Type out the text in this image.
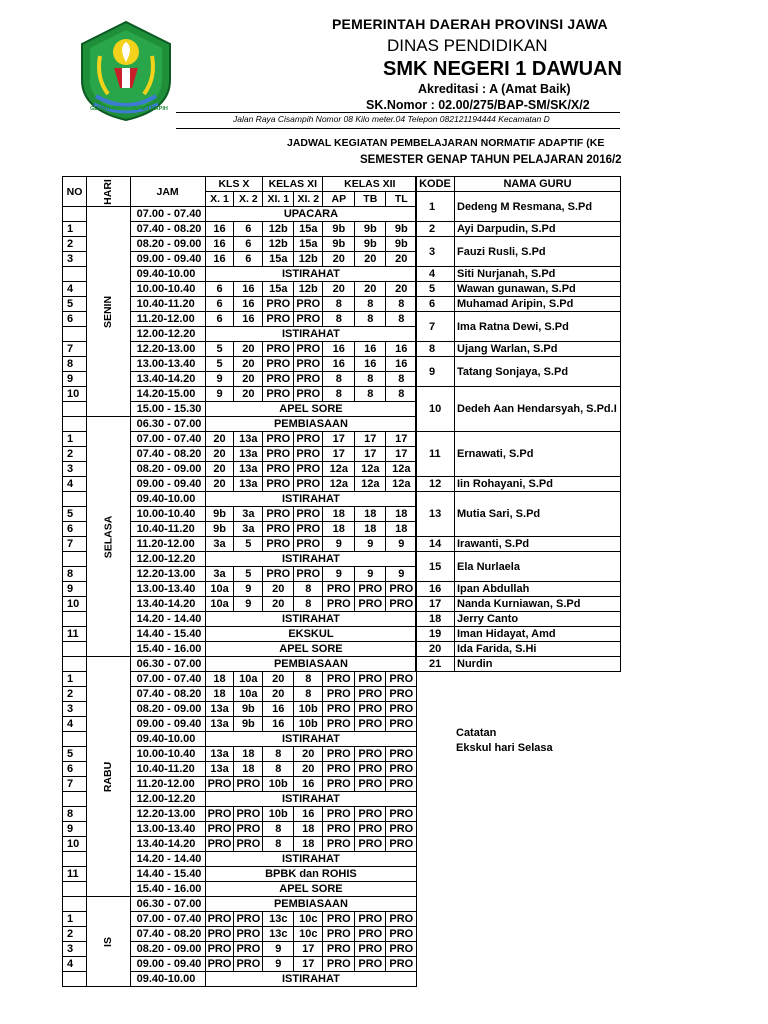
GEMAH RIPAH REPEH RAPIH
PEMERINTAH DAERAH PROVINSI JAWA
DINAS PENDIDIKAN
SMK NEGERI 1 DAWUAN
Akreditasi : A (Amat Baik)
SK.Nomor : 02.00/275/BAP-SM/SK/X/2
Jalan Raya Cisampih Nomor 08 Kilo meter.04 Telepon 082121194444 Kecamatan D
JADWAL KEGIATAN PEMBELAJARAN NORMATIF ADAPTIF (KE
SEMESTER GENAP TAHUN PELAJARAN 2016/2
NO	HARI	JAM	KLS X		KELAS XI		KELAS XII		
			X. 1	X. 2	XI. 1	XI. 2	AP	TB	TL
	SENIN	07.00 - 07.40	UPACARA						
1		07.40 - 08.20	16	6	12b	15a	9b	9b	9b
2		08.20 - 09.00	16	6	12b	15a	9b	9b	9b
3		09.00 - 09.40	16	6	15a	12b	20	20	20
		09.40-10.00	ISTIRAHAT						
4		10.00-10.40	6	16	15a	12b	20	20	20
5		10.40-11.20	6	16	PRO	PRO	8	8	8
6		11.20-12.00	6	16	PRO	PRO	8	8	8
		12.00-12.20	ISTIRAHAT						
7		12.20-13.00	5	20	PRO	PRO	16	16	16
8		13.00-13.40	5	20	PRO	PRO	16	16	16
9		13.40-14.20	9	20	PRO	PRO	8	8	8
10		14.20-15.00	9	20	PRO	PRO	8	8	8
		15.00 - 15.30	APEL SORE						
	SELASA	06.30 - 07.00	PEMBIASAAN						
1		07.00 - 07.40	20	13a	PRO	PRO	17	17	17
2		07.40 - 08.20	20	13a	PRO	PRO	17	17	17
3		08.20 - 09.00	20	13a	PRO	PRO	12a	12a	12a
4		09.00 - 09.40	20	13a	PRO	PRO	12a	12a	12a
		09.40-10.00	ISTIRAHAT						
5		10.00-10.40	9b	3a	PRO	PRO	18	18	18
6		10.40-11.20	9b	3a	PRO	PRO	18	18	18
7		11.20-12.00	3a	5	PRO	PRO	9	9	9
		12.00-12.20	ISTIRAHAT						
8		12.20-13.00	3a	5	PRO	PRO	9	9	9
9		13.00-13.40	10a	9	20	8	PRO	PRO	PRO
10		13.40-14.20	10a	9	20	8	PRO	PRO	PRO
		14.20 - 14.40	ISTIRAHAT						
11		14.40 - 15.40	EKSKUL						
		15.40 - 16.00	APEL SORE						
	RABU	06.30 - 07.00	PEMBIASAAN						
1		07.00 - 07.40	18	10a	20	8	PRO	PRO	PRO
2		07.40 - 08.20	18	10a	20	8	PRO	PRO	PRO
3		08.20 - 09.00	13a	9b	16	10b	PRO	PRO	PRO
4		09.00 - 09.40	13a	9b	16	10b	PRO	PRO	PRO
		09.40-10.00	ISTIRAHAT						
5		10.00-10.40	13a	18	8	20	PRO	PRO	PRO
6		10.40-11.20	13a	18	8	20	PRO	PRO	PRO
7		11.20-12.00	PRO	PRO	10b	16	PRO	PRO	PRO
		12.00-12.20	ISTIRAHAT						
8		12.20-13.00	PRO	PRO	10b	16	PRO	PRO	PRO
9		13.00-13.40	PRO	PRO	8	18	PRO	PRO	PRO
10		13.40-14.20	PRO	PRO	8	18	PRO	PRO	PRO
		14.20 - 14.40	ISTIRAHAT						
11		14.40 - 15.40	BPBK dan ROHIS						
		15.40 - 16.00	APEL SORE						
	IS	06.30 - 07.00	PEMBIASAAN						
1		07.00 - 07.40	PRO	PRO	13c	10c	PRO	PRO	PRO
2		07.40 - 08.20	PRO	PRO	13c	10c	PRO	PRO	PRO
3		08.20 - 09.00	PRO	PRO	9	17	PRO	PRO	PRO
4		09.00 - 09.40	PRO	PRO	9	17	PRO	PRO	PRO
		09.40-10.00	ISTIRAHAT						
KODE	NAMA GURU
1	Dedeng M Resmana, S.Pd
2	Ayi Darpudin, S.Pd
3	Fauzi Rusli, S.Pd
4	Siti Nurjanah, S.Pd
5	Wawan gunawan, S.Pd
6	Muhamad Aripin, S.Pd
7	Ima Ratna Dewi, S.Pd
8	Ujang Warlan, S.Pd
9	Tatang Sonjaya, S.Pd
10	Dedeh Aan Hendarsyah, S.Pd.I
11	Ernawati, S.Pd
12	Iin Rohayani, S.Pd
13	Mutia Sari, S.Pd
14	Irawanti, S.Pd
15	Ela Nurlaela
16	Ipan Abdullah
17	Nanda Kurniawan, S.Pd
18	Jerry Canto
19	Iman Hidayat, Amd
20	Ida Farida, S.Hi
21	Nurdin
Catatan
Ekskul hari Selasa
